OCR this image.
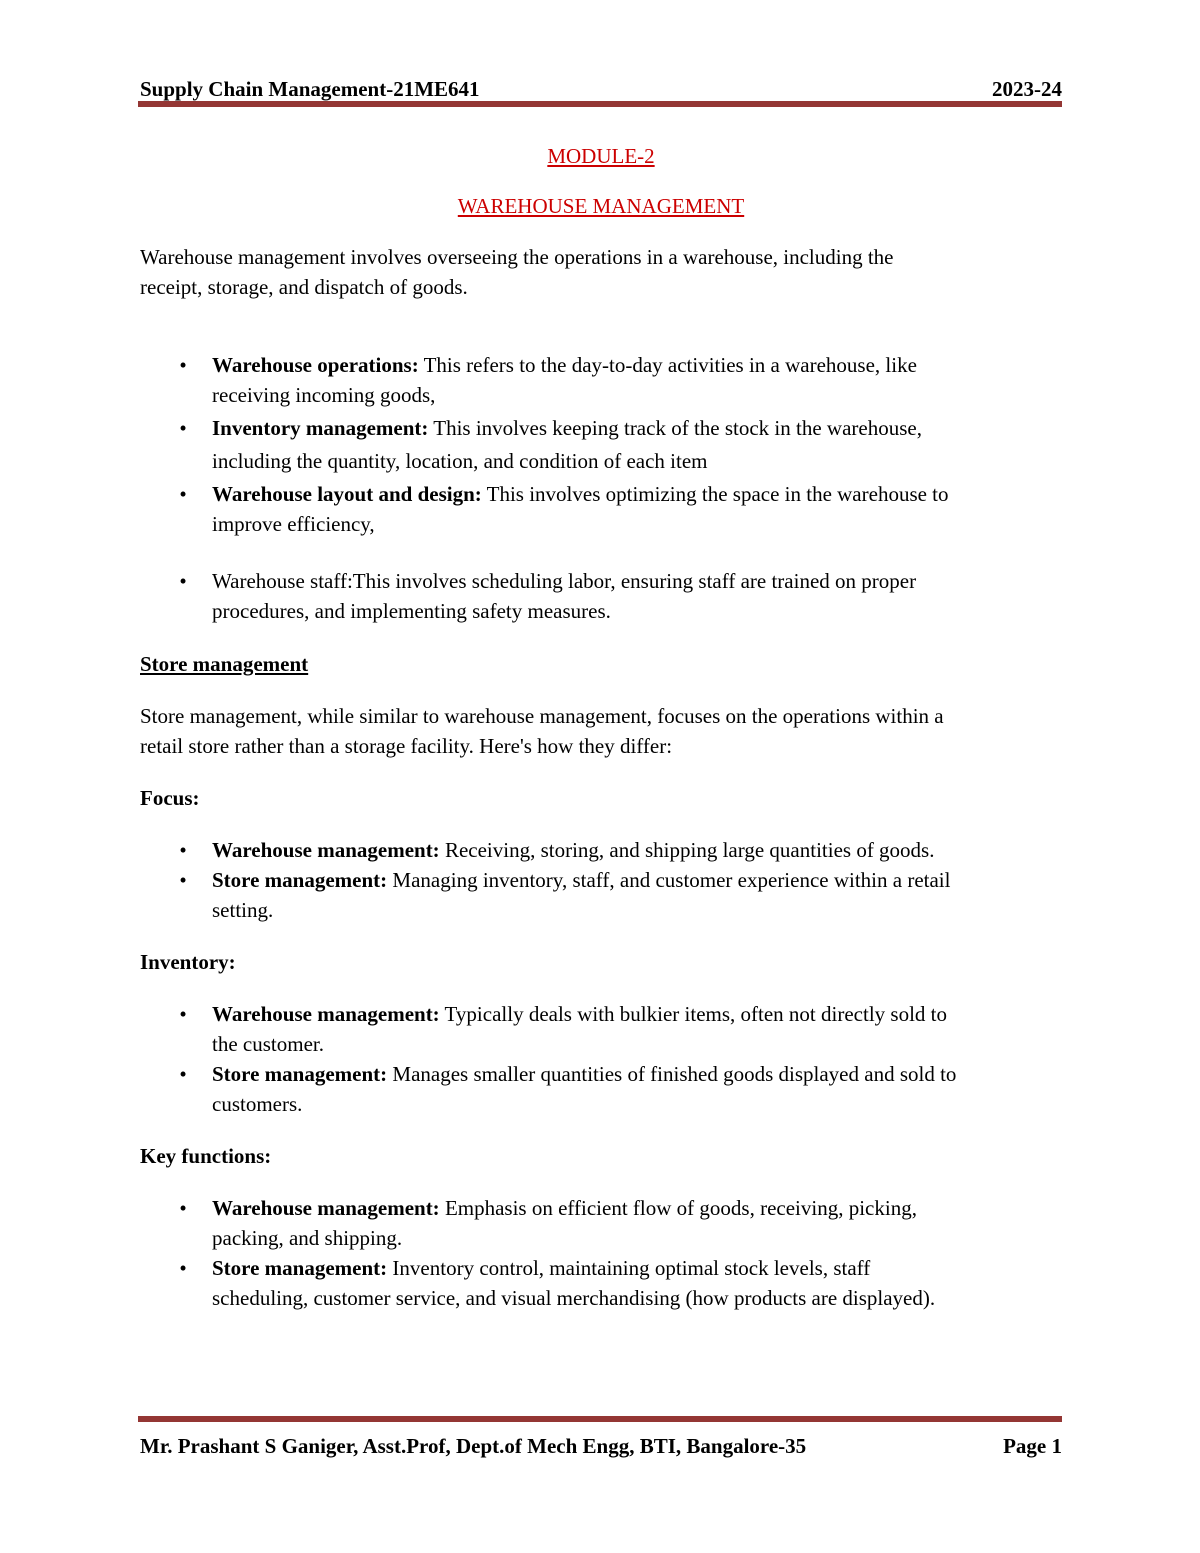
Supply Chain Management-21ME641	2023-24

MODULE-2

WAREHOUSE MANAGEMENT

Warehouse management involves overseeing the operations in a warehouse, including the

receipt, storage, and dispatch of goods.

• Warehouse operations: This refers to the day-to-day activities in a warehouse, like
receiving incoming goods,
• Inventory management: This involves keeping track of the stock in the warehouse,
including the quantity, location, and condition of each item
• Warehouse layout and design: This involves optimizing the space in the warehouse to
improve efficiency,
• Warehouse staff:This involves scheduling labor, ensuring staff are trained on proper
procedures, and implementing safety measures.

Store management

Store management, while similar to warehouse management, focuses on the operations within a

retail store rather than a storage facility. Here's how they differ:

Focus:

• Warehouse management: Receiving, storing, and shipping large quantities of goods.
• Store management: Managing inventory, staff, and customer experience within a retail
setting.

Inventory:

• Warehouse management: Typically deals with bulkier items, often not directly sold to
the customer.
• Store management: Manages smaller quantities of finished goods displayed and sold to
customers.

Key functions:

• Warehouse management: Emphasis on efficient flow of goods, receiving, picking,
packing, and shipping.
• Store management: Inventory control, maintaining optimal stock levels, staff
scheduling, customer service, and visual merchandising (how products are displayed).
Mr. Prashant S Ganiger, Asst.Prof, Dept.of Mech Engg, BTI, Bangalore-35	Page 1
